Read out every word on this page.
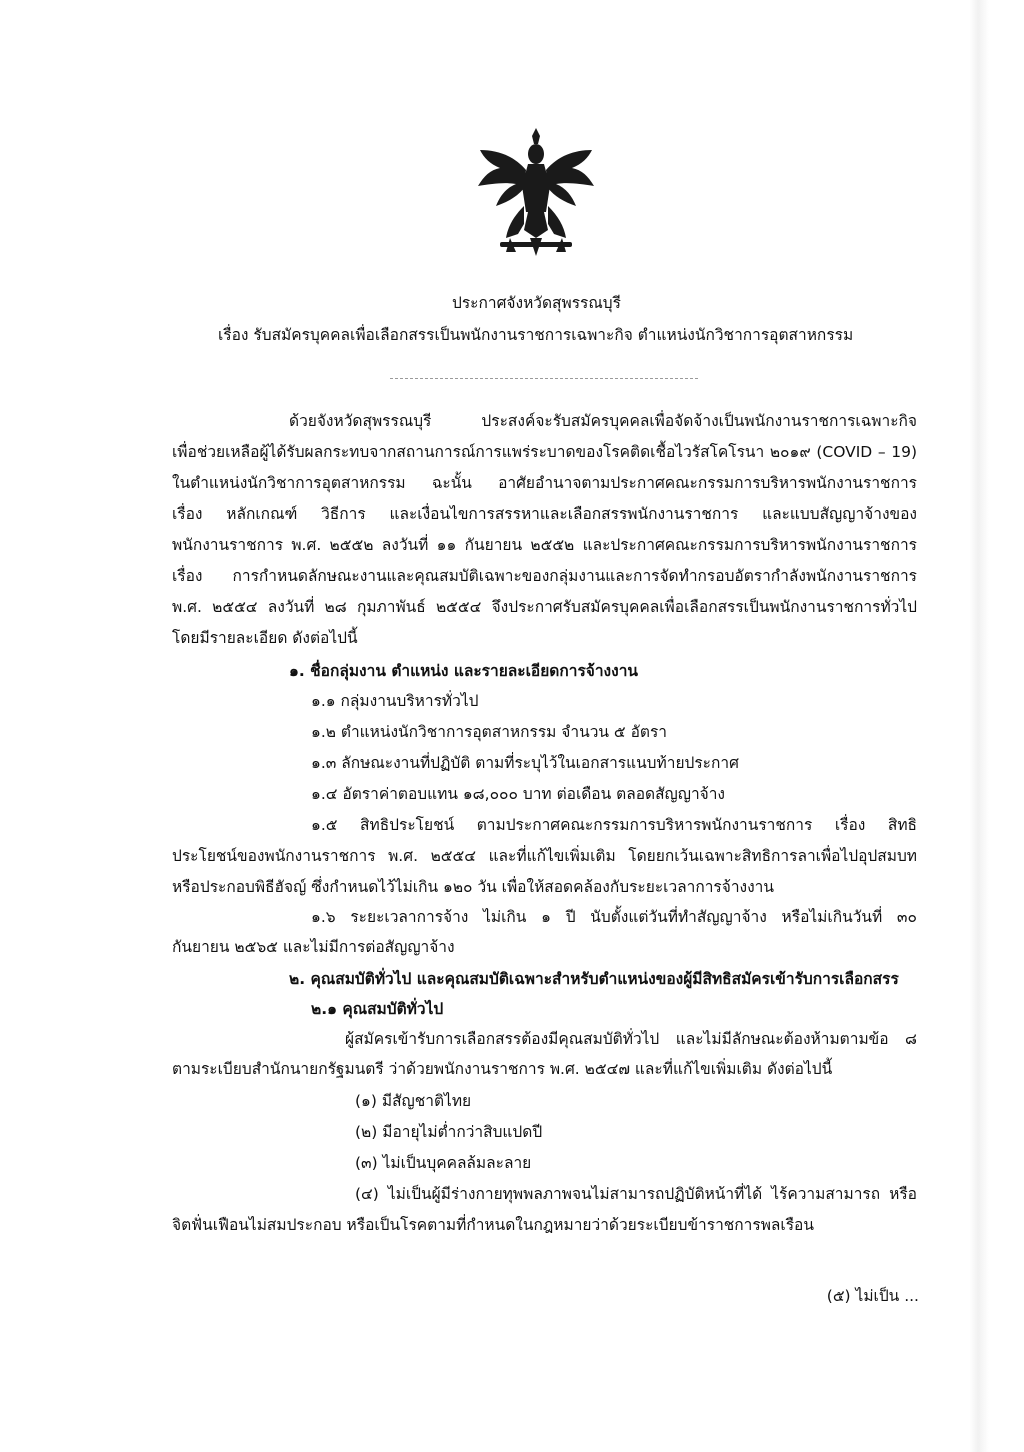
ประกาศจังหวัดสุพรรณบุรี
เรื่อง รับสมัครบุคคลเพื่อเลือกสรรเป็นพนักงานราชการเฉพาะกิจ ตำแหน่งนักวิชาการอุตสาหกรรม
ด้วยจังหวัดสุพรรณบุรี ประสงค์จะรับสมัครบุคคลเพื่อจัดจ้างเป็นพนักงานราชการเฉพาะกิจ
เพื่อช่วยเหลือผู้ได้รับผลกระทบจากสถานการณ์การแพร่ระบาดของโรคติดเชื้อไวรัสโคโรนา ๒๐๑๙ (COVID – 19)
ในตำแหน่งนักวิชาการอุตสาหกรรม ฉะนั้น อาศัยอำนาจตามประกาศคณะกรรมการบริหารพนักงานราชการ
เรื่อง หลักเกณฑ์ วิธีการ และเงื่อนไขการสรรหาและเลือกสรรพนักงานราชการ และแบบสัญญาจ้างของ
พนักงานราชการ พ.ศ. ๒๕๕๒ ลงวันที่ ๑๑ กันยายน ๒๕๕๒ และประกาศคณะกรรมการบริหารพนักงานราชการ
เรื่อง การกำหนดลักษณะงานและคุณสมบัติเฉพาะของกลุ่มงานและการจัดทำกรอบอัตรากำลังพนักงานราชการ
พ.ศ. ๒๕๕๔ ลงวันที่ ๒๘ กุมภาพันธ์ ๒๕๕๔ จึงประกาศรับสมัครบุคคลเพื่อเลือกสรรเป็นพนักงานราชการทั่วไป
โดยมีรายละเอียด ดังต่อไปนี้
๑. ชื่อกลุ่มงาน ตำแหน่ง และรายละเอียดการจ้างงาน
๑.๑ กลุ่มงานบริหารทั่วไป
๑.๒ ตำแหน่งนักวิชาการอุตสาหกรรม จำนวน ๕ อัตรา
๑.๓ ลักษณะงานที่ปฏิบัติ ตามที่ระบุไว้ในเอกสารแนบท้ายประกาศ
๑.๔ อัตราค่าตอบแทน ๑๘,๐๐๐ บาท ต่อเดือน ตลอดสัญญาจ้าง
๑.๕ สิทธิประโยชน์ ตามประกาศคณะกรรมการบริหารพนักงานราชการ เรื่อง สิทธิ
ประโยชน์ของพนักงานราชการ พ.ศ. ๒๕๕๔ และที่แก้ไขเพิ่มเติม โดยยกเว้นเฉพาะสิทธิการลาเพื่อไปอุปสมบท
หรือประกอบพิธีฮัจญ์ ซึ่งกำหนดไว้ไม่เกิน ๑๒๐ วัน เพื่อให้สอดคล้องกับระยะเวลาการจ้างงาน
๑.๖ ระยะเวลาการจ้าง ไม่เกิน ๑ ปี นับตั้งแต่วันที่ทำสัญญาจ้าง หรือไม่เกินวันที่ ๓๐
กันยายน ๒๕๖๕ และไม่มีการต่อสัญญาจ้าง
๒. คุณสมบัติทั่วไป และคุณสมบัติเฉพาะสำหรับตำแหน่งของผู้มีสิทธิสมัครเข้ารับการเลือกสรร
๒.๑ คุณสมบัติทั่วไป
ผู้สมัครเข้ารับการเลือกสรรต้องมีคุณสมบัติทั่วไป และไม่มีลักษณะต้องห้ามตามข้อ ๘
ตามระเบียบสำนักนายกรัฐมนตรี ว่าด้วยพนักงานราชการ พ.ศ. ๒๕๔๗ และที่แก้ไขเพิ่มเติม ดังต่อไปนี้
(๑) มีสัญชาติไทย
(๒) มีอายุไม่ต่ำกว่าสิบแปดปี
(๓) ไม่เป็นบุคคลล้มละลาย
(๔) ไม่เป็นผู้มีร่างกายทุพพลภาพจนไม่สามารถปฏิบัติหน้าที่ได้ ไร้ความสามารถ หรือ
จิตฟั่นเฟือนไม่สมประกอบ หรือเป็นโรคตามที่กำหนดในกฎหมายว่าด้วยระเบียบข้าราชการพลเรือน
(๕) ไม่เป็น ...
